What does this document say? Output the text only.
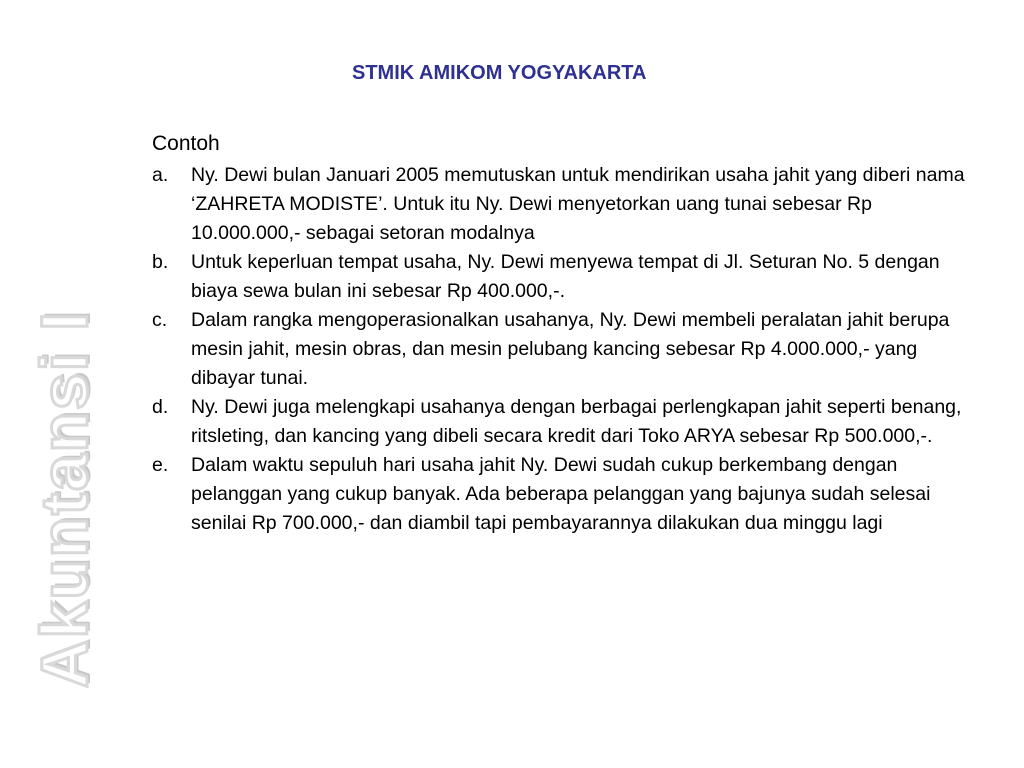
STMIK AMIKOM YOGYAKARTA
Akuntansi I
Contoh
a.	Ny. Dewi bulan Januari 2005 memutuskan untuk mendirikan usaha jahit yang diberi nama ‘ZAHRETA MODISTE’. Untuk itu Ny. Dewi menyetorkan uang tunai sebesar Rp 10.000.000,- sebagai setoran modalnya
b.	Untuk keperluan tempat usaha, Ny. Dewi menyewa tempat di Jl. Seturan No. 5 dengan biaya sewa bulan ini sebesar Rp 400.000,-.
c.	Dalam rangka mengoperasionalkan usahanya, Ny. Dewi membeli peralatan jahit berupa mesin jahit, mesin obras, dan mesin pelubang kancing sebesar Rp 4.000.000,- yang dibayar tunai.
d.	Ny. Dewi juga melengkapi usahanya dengan berbagai perlengkapan jahit seperti benang, ritsleting, dan kancing yang dibeli secara kredit dari Toko ARYA sebesar Rp 500.000,-.
e.	Dalam waktu sepuluh hari usaha jahit Ny. Dewi sudah cukup berkembang dengan pelanggan yang cukup banyak. Ada beberapa pelanggan yang bajunya sudah selesai senilai Rp 700.000,- dan diambil tapi pembayarannya dilakukan dua minggu lagi
